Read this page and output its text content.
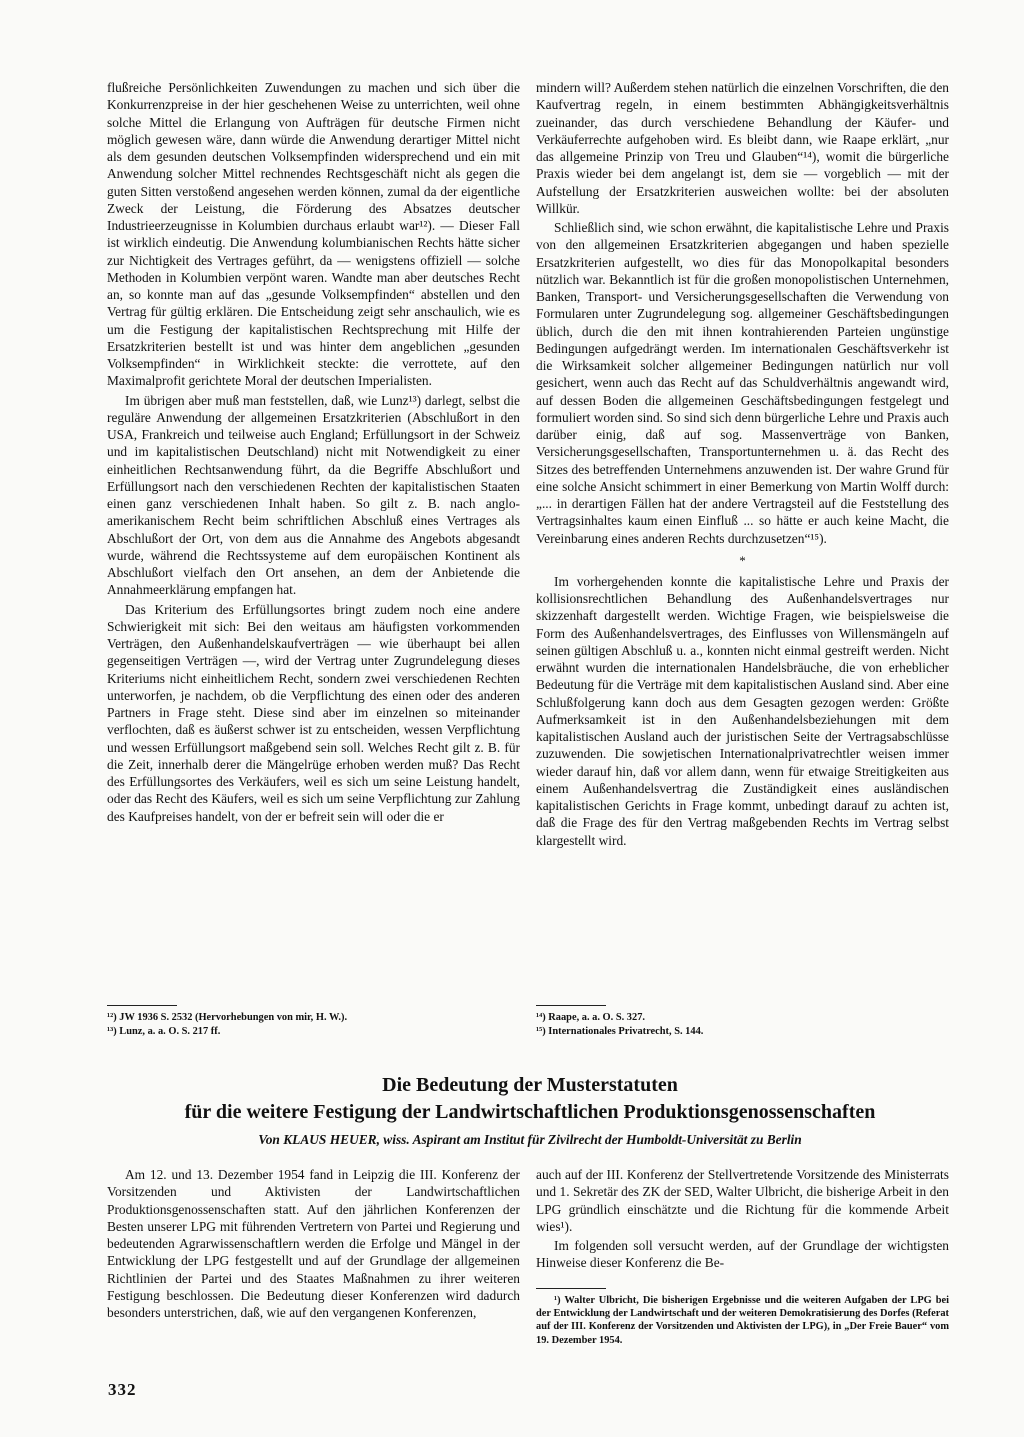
flußreiche Persönlichkeiten Zuwendungen zu machen und sich über die Konkurrenzpreise in der hier geschehenen Weise zu unterrichten, weil ohne solche Mittel die Erlangung von Aufträgen für deutsche Firmen nicht möglich gewesen wäre, dann würde die Anwendung derartiger Mittel nicht als dem gesunden deutschen Volksempfinden widersprechend und ein mit Anwendung solcher Mittel rechnendes Rechtsgeschäft nicht als gegen die guten Sitten verstoßend angesehen werden können, zumal da der eigentliche Zweck der Leistung, die Förderung des Absatzes deutscher Industrieerzeugnisse in Kolumbien durchaus erlaubt war¹²). — Dieser Fall ist wirklich eindeutig. Die Anwendung kolumbianischen Rechts hätte sicher zur Nichtigkeit des Vertrages geführt, da — wenigstens offiziell — solche Methoden in Kolumbien verpönt waren. Wandte man aber deutsches Recht an, so konnte man auf das „gesunde Volksempfinden“ abstellen und den Vertrag für gültig erklären. Die Entscheidung zeigt sehr anschaulich, wie es um die Festigung der kapitalistischen Rechtsprechung mit Hilfe der Ersatzkriterien bestellt ist und was hinter dem angeblichen „gesunden Volksempfinden“ in Wirklichkeit steckte: die verrottete, auf den Maximalprofit gerichtete Moral der deutschen Imperialisten.

Im übrigen aber muß man feststellen, daß, wie Lunz¹³) darlegt, selbst die reguläre Anwendung der allgemeinen Ersatzkriterien (Abschlußort in den USA, Frankreich und teilweise auch England; Erfüllungsort in der Schweiz und im kapitalistischen Deutschland) nicht mit Notwendigkeit zu einer einheitlichen Rechtsanwendung führt, da die Begriffe Abschlußort und Erfüllungsort nach den verschiedenen Rechten der kapitalistischen Staaten einen ganz verschiedenen Inhalt haben. So gilt z. B. nach anglo-amerikanischem Recht beim schriftlichen Abschluß eines Vertrages als Abschlußort der Ort, von dem aus die Annahme des Angebots abgesandt wurde, während die Rechtssysteme auf dem europäischen Kontinent als Abschlußort vielfach den Ort ansehen, an dem der Anbietende die Annahmeerklärung empfangen hat.

Das Kriterium des Erfüllungsortes bringt zudem noch eine andere Schwierigkeit mit sich: Bei den weitaus am häufigsten vorkommenden Verträgen, den Außenhandelskaufverträgen — wie überhaupt bei allen gegenseitigen Verträgen —, wird der Vertrag unter Zugrundelegung dieses Kriteriums nicht einheitlichem Recht, sondern zwei verschiedenen Rechten unterworfen, je nachdem, ob die Verpflichtung des einen oder des anderen Partners in Frage steht. Diese sind aber im einzelnen so miteinander verflochten, daß es äußerst schwer ist zu entscheiden, wessen Verpflichtung und wessen Erfüllungsort maßgebend sein soll. Welches Recht gilt z. B. für die Zeit, innerhalb derer die Mängelrüge erhoben werden muß? Das Recht des Erfüllungsortes des Verkäufers, weil es sich um seine Leistung handelt, oder das Recht des Käufers, weil es sich um seine Verpflichtung zur Zahlung des Kaufpreises handelt, von der er befreit sein will oder die er

mindern will? Außerdem stehen natürlich die einzelnen Vorschriften, die den Kaufvertrag regeln, in einem bestimmten Abhängigkeitsverhältnis zueinander, das durch verschiedene Behandlung der Käufer- und Verkäuferrechte aufgehoben wird. Es bleibt dann, wie Raape erklärt, „nur das allgemeine Prinzip von Treu und Glauben“¹⁴), womit die bürgerliche Praxis wieder bei dem angelangt ist, dem sie — vorgeblich — mit der Aufstellung der Ersatzkriterien ausweichen wollte: bei der absoluten Willkür.

Schließlich sind, wie schon erwähnt, die kapitalistische Lehre und Praxis von den allgemeinen Ersatzkriterien abgegangen und haben spezielle Ersatzkriterien aufgestellt, wo dies für das Monopolkapital besonders nützlich war. Bekanntlich ist für die großen monopolistischen Unternehmen, Banken, Transport- und Versicherungsgesellschaften die Verwendung von Formularen unter Zugrundelegung sog. allgemeiner Geschäftsbedingungen üblich, durch die den mit ihnen kontrahierenden Parteien ungünstige Bedingungen aufgedrängt werden. Im internationalen Geschäftsverkehr ist die Wirksamkeit solcher allgemeiner Bedingungen natürlich nur voll gesichert, wenn auch das Recht auf das Schuldverhältnis angewandt wird, auf dessen Boden die allgemeinen Geschäftsbedingungen festgelegt und formuliert worden sind. So sind sich denn bürgerliche Lehre und Praxis auch darüber einig, daß auf sog. Massenverträge von Banken, Versicherungsgesellschaften, Transportunternehmen u. ä. das Recht des Sitzes des betreffenden Unternehmens anzuwenden ist. Der wahre Grund für eine solche Ansicht schimmert in einer Bemerkung von Martin Wolff durch: „... in derartigen Fällen hat der andere Vertragsteil auf die Feststellung des Vertragsinhaltes kaum einen Einfluß ... so hätte er auch keine Macht, die Vereinbarung eines anderen Rechts durchzusetzen“¹⁵).

*

Im vorhergehenden konnte die kapitalistische Lehre und Praxis der kollisionsrechtlichen Behandlung des Außenhandelsvertrages nur skizzenhaft dargestellt werden. Wichtige Fragen, wie beispielsweise die Form des Außenhandelsvertrages, des Einflusses von Willensmängeln auf seinen gültigen Abschluß u. a., konnten nicht einmal gestreift werden. Nicht erwähnt wurden die internationalen Handelsbräuche, die von erheblicher Bedeutung für die Verträge mit dem kapitalistischen Ausland sind. Aber eine Schlußfolgerung kann doch aus dem Gesagten gezogen werden: Größte Aufmerksamkeit ist in den Außenhandelsbeziehungen mit dem kapitalistischen Ausland auch der juristischen Seite der Vertragsabschlüsse zuzuwenden. Die sowjetischen Internationalprivatrechtler weisen immer wieder darauf hin, daß vor allem dann, wenn für etwaige Streitigkeiten aus einem Außenhandelsvertrag die Zuständigkeit eines ausländischen kapitalistischen Gerichts in Frage kommt, unbedingt darauf zu achten ist, daß die Frage des für den Vertrag maßgebenden Rechts im Vertrag selbst klargestellt wird.

¹²) JW 1936 S. 2532 (Hervorhebungen von mir, H. W.).
¹³) Lunz, a. a. O. S. 217 ff.
¹⁴) Raape, a. a. O. S. 327.
¹⁵) Internationales Privatrecht, S. 144.
Die Bedeutung der Musterstatuten
für die weitere Festigung der Landwirtschaftlichen Produktionsgenossenschaften
Von KLAUS HEUER, wiss. Aspirant am Institut für Zivilrecht der Humboldt-Universität zu Berlin

Am 12. und 13. Dezember 1954 fand in Leipzig die III. Konferenz der Vorsitzenden und Aktivisten der Landwirtschaftlichen Produktionsgenossenschaften statt. Auf den jährlichen Konferenzen der Besten unserer LPG mit führenden Vertretern von Partei und Regierung und bedeutenden Agrarwissenschaftlern werden die Erfolge und Mängel in der Entwicklung der LPG festgestellt und auf der Grundlage der allgemeinen Richtlinien der Partei und des Staates Maßnahmen zu ihrer weiteren Festigung beschlossen. Die Bedeutung dieser Konferenzen wird dadurch besonders unterstrichen, daß, wie auf den vergangenen Konferenzen,

auch auf der III. Konferenz der Stellvertretende Vorsitzende des Ministerrats und 1. Sekretär des ZK der SED, Walter Ulbricht, die bisherige Arbeit in den LPG gründlich einschätzte und die Richtung für die kommende Arbeit wies¹).

Im folgenden soll versucht werden, auf der Grundlage der wichtigsten Hinweise dieser Konferenz die Be-

¹) Walter Ulbricht, Die bisherigen Ergebnisse und die weiteren Aufgaben der LPG bei der Entwicklung der Landwirtschaft und der weiteren Demokratisierung des Dorfes (Referat auf der III. Konferenz der Vorsitzenden und Aktivisten der LPG), in „Der Freie Bauer“ vom 19. Dezember 1954.

332
